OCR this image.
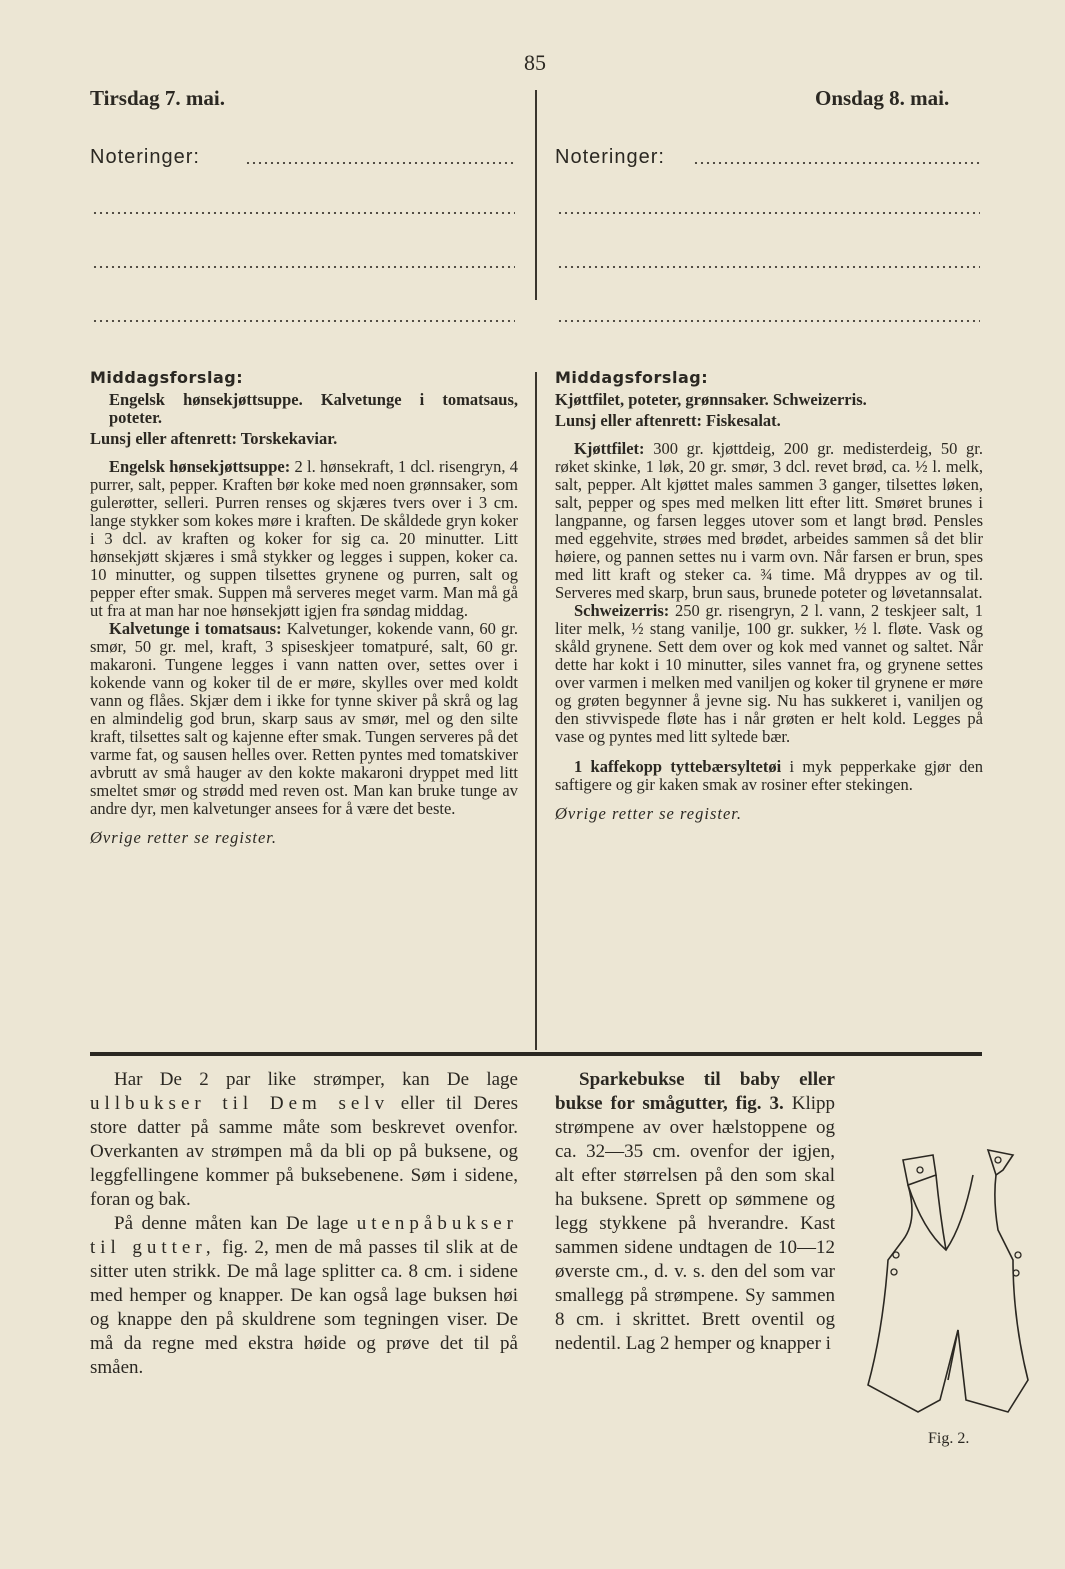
85
Tirsdag 7. mai.	Onsdag 8. mai.
Noteringer:	Noteringer:
Middagsforslag:

Engelsk hønsekjøttsuppe. Kalvetunge i tomatsaus, poteter.

Lunsj eller aftenrett: Torskekaviar.

Engelsk hønsekjøttsuppe: 2 l. hønsekraft, 1 dcl. risengryn, 4 purrer, salt, pepper. Kraften bør koke med noen grønnsaker, som gulerøtter, selleri. Purren renses og skjæres tvers over i 3 cm. lange stykker som kokes møre i kraften. De skåldede gryn koker i 3 dcl. av kraften og koker for sig ca. 20 minutter. Litt hønsekjøtt skjæres i små stykker og legges i suppen, koker ca. 10 minutter, og suppen tilsettes grynene og purren, salt og pepper efter smak. Suppen må serveres meget varm. Man må gå ut fra at man har noe hønsekjøtt igjen fra søndag middag.

Kalvetunge i tomatsaus: Kalvetunger, kokende vann, 60 gr. smør, 50 gr. mel, kraft, 3 spiseskjeer tomatpuré, salt, 60 gr. makaroni. Tungene legges i vann natten over, settes over i kokende vann og koker til de er møre, skylles over med koldt vann og flåes. Skjær dem i ikke for tynne skiver på skrå og lag en almindelig god brun, skarp saus av smør, mel og den silte kraft, tilsettes salt og kajenne efter smak. Tungen serveres på det varme fat, og sausen helles over. Retten pyntes med tomatskiver avbrutt av små hauger av den kokte makaroni dryppet med litt smeltet smør og strødd med reven ost. Man kan bruke tunge av andre dyr, men kalvetunger ansees for å være det beste.

Øvrige retter se register.
Middagsforslag:

Kjøttfilet, poteter, grønnsaker. Schweizerris.

Lunsj eller aftenrett: Fiskesalat.

Kjøttfilet: 300 gr. kjøttdeig, 200 gr. medisterdeig, 50 gr. røket skinke, 1 løk, 20 gr. smør, 3 dcl. revet brød, ca. ½ l. melk, salt, pepper. Alt kjøttet males sammen 3 ganger, tilsettes løken, salt, pepper og spes med melken litt efter litt. Smøret brunes i langpanne, og farsen legges utover som et langt brød. Pensles med eggehvite, strøes med brødet, arbeides sammen så det blir høiere, og pannen settes nu i varm ovn. Når farsen er brun, spes med litt kraft og steker ca. ¾ time. Må dryppes av og til. Serveres med skarp, brun saus, brunede poteter og løvetannsalat.

Schweizerris: 250 gr. risengryn, 2 l. vann, 2 teskjeer salt, 1 liter melk, ½ stang vanilje, 100 gr. sukker, ½ l. fløte. Vask og skåld grynene. Sett dem over og kok med vannet og saltet. Når dette har kokt i 10 minutter, siles vannet fra, og grynene settes over varmen i melken med vaniljen og koker til grynene er møre og grøten begynner å jevne sig. Nu has sukkeret i, vaniljen og den stivvispede fløte has i når grøten er helt kold. Legges på vase og pyntes med litt syltede bær.

1 kaffekopp tyttebærsyltetøi i myk pepperkake gjør den saftigere og gir kaken smak av rosiner efter stekingen.

Øvrige retter se register.

Har De 2 par like strømper, kan De lage ullbukser til Dem selv eller til Deres store datter på samme måte som beskrevet ovenfor. Overkanten av strømpen må da bli op på buksene, og leggfellingene kommer på buksebenene. Søm i sidene, foran og bak.

På denne måten kan De lage utenpåbukser til gutter, fig. 2, men de må passes til slik at de sitter uten strikk. De må lage splitter ca. 8 cm. i sidene med hemper og knapper. De kan også lage buksen høi og knappe den på skuldrene som tegningen viser. De må da regne med ekstra høide og prøve det til på småen.

Sparkebukse til baby eller bukse for smågutter, fig. 3. Klipp strømpene av over hælstoppene og ca. 32—35 cm. ovenfor der igjen, alt efter størrelsen på den som skal ha buksene. Sprett op sømmene og legg stykkene på hverandre. Kast sammen sidene undtagen de 10—12 øverste cm., d. v. s. den del som var smallegg på strømpene. Sy sammen 8 cm. i skrittet. Brett oventil og nedentil. Lag 2 hemper og knapper i

Fig. 2.
